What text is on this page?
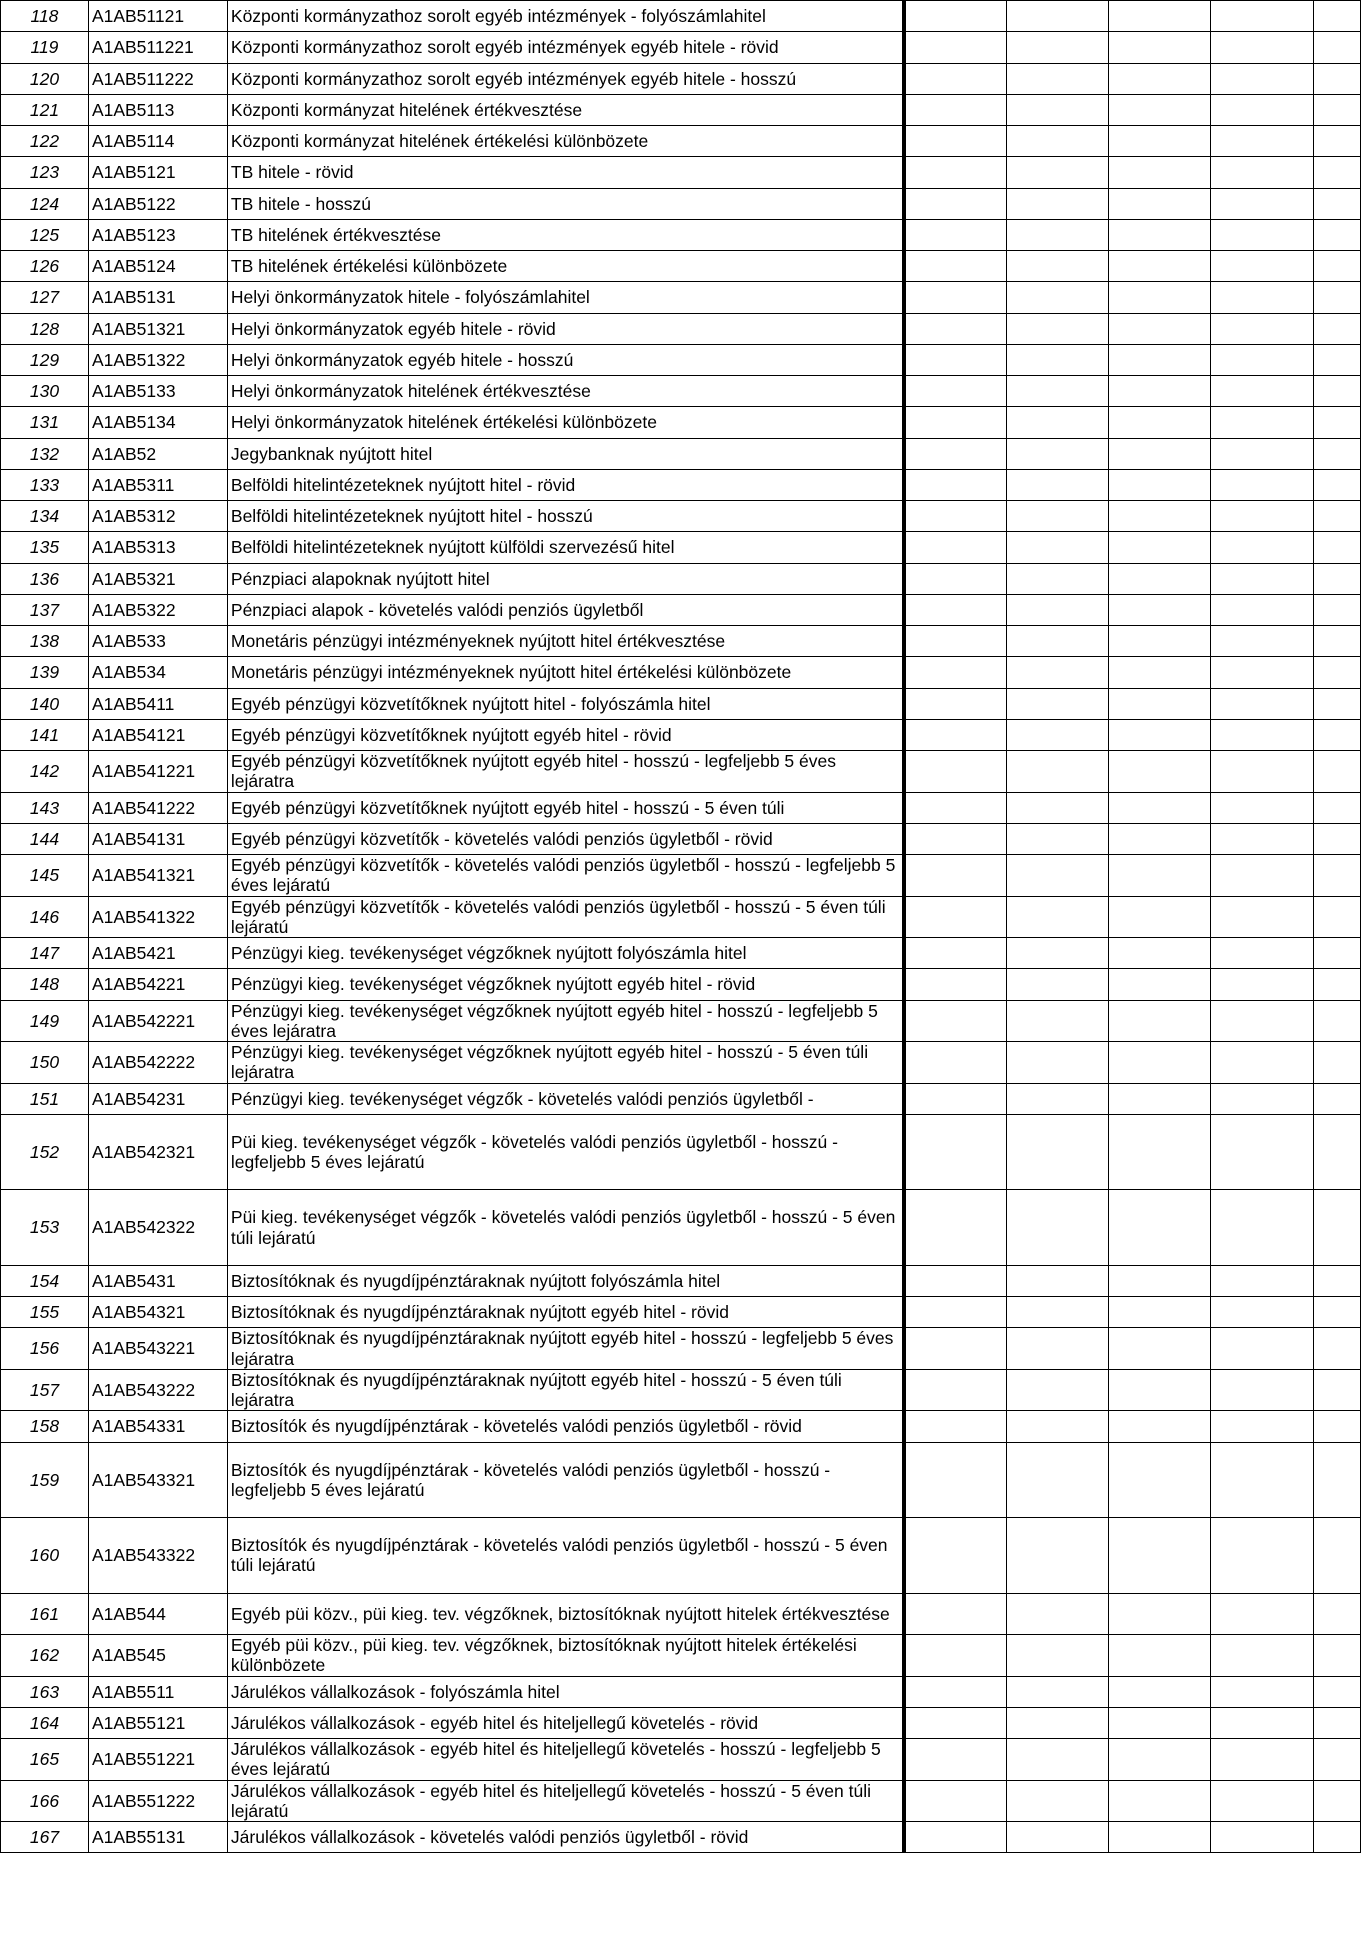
118	A1AB51121	Központi kormányzathoz sorolt egyéb intézmények - folyószámlahitel					
119	A1AB511221	Központi kormányzathoz sorolt egyéb intézmények egyéb hitele - rövid					
120	A1AB511222	Központi kormányzathoz sorolt egyéb intézmények egyéb hitele - hosszú					
121	A1AB5113	Központi kormányzat hitelének értékvesztése					
122	A1AB5114	Központi kormányzat hitelének értékelési különbözete					
123	A1AB5121	TB hitele - rövid					
124	A1AB5122	TB hitele - hosszú					
125	A1AB5123	TB hitelének értékvesztése					
126	A1AB5124	TB hitelének értékelési különbözete					
127	A1AB5131	Helyi önkormányzatok hitele - folyószámlahitel					
128	A1AB51321	Helyi önkormányzatok egyéb hitele - rövid					
129	A1AB51322	Helyi önkormányzatok egyéb hitele - hosszú					
130	A1AB5133	Helyi önkormányzatok hitelének értékvesztése					
131	A1AB5134	Helyi önkormányzatok hitelének értékelési különbözete					
132	A1AB52	Jegybanknak nyújtott hitel					
133	A1AB5311	Belföldi hitelintézeteknek nyújtott hitel - rövid					
134	A1AB5312	Belföldi hitelintézeteknek nyújtott hitel - hosszú					
135	A1AB5313	Belföldi hitelintézeteknek nyújtott külföldi szervezésű hitel					
136	A1AB5321	Pénzpiaci alapoknak nyújtott hitel					
137	A1AB5322	Pénzpiaci alapok - követelés valódi penziós ügyletből					
138	A1AB533	Monetáris pénzügyi intézményeknek nyújtott hitel értékvesztése					
139	A1AB534	Monetáris pénzügyi intézményeknek nyújtott hitel értékelési különbözete					
140	A1AB5411	Egyéb pénzügyi közvetítőknek nyújtott hitel - folyószámla hitel					
141	A1AB54121	Egyéb pénzügyi közvetítőknek nyújtott egyéb hitel - rövid					
142	A1AB541221	Egyéb pénzügyi közvetítőknek nyújtott egyéb hitel - hosszú - legfeljebb 5 éves lejáratra					
143	A1AB541222	Egyéb pénzügyi közvetítőknek nyújtott egyéb hitel - hosszú - 5 éven túli					
144	A1AB54131	Egyéb pénzügyi közvetítők - követelés valódi penziós ügyletből - rövid					
145	A1AB541321	Egyéb pénzügyi közvetítők - követelés valódi penziós ügyletből - hosszú - legfeljebb 5 éves lejáratú					
146	A1AB541322	Egyéb pénzügyi közvetítők - követelés valódi penziós ügyletből - hosszú - 5 éven túli lejáratú					
147	A1AB5421	Pénzügyi kieg. tevékenységet végzőknek nyújtott folyószámla hitel					
148	A1AB54221	Pénzügyi kieg. tevékenységet végzőknek nyújtott egyéb hitel - rövid					
149	A1AB542221	Pénzügyi kieg. tevékenységet végzőknek nyújtott egyéb hitel - hosszú - legfeljebb 5 éves lejáratra					
150	A1AB542222	Pénzügyi kieg. tevékenységet végzőknek nyújtott egyéb hitel - hosszú - 5 éven túli lejáratra					
151	A1AB54231	Pénzügyi kieg. tevékenységet végzők - követelés valódi penziós ügyletből -					
152	A1AB542321	Püi kieg. tevékenységet végzők - követelés valódi penziós ügyletből - hosszú - legfeljebb 5 éves lejáratú					
153	A1AB542322	Püi kieg. tevékenységet végzők - követelés valódi penziós ügyletből - hosszú - 5 éven túli lejáratú					
154	A1AB5431	Biztosítóknak és nyugdíjpénztáraknak nyújtott folyószámla hitel					
155	A1AB54321	Biztosítóknak és nyugdíjpénztáraknak nyújtott egyéb hitel - rövid					
156	A1AB543221	Biztosítóknak és nyugdíjpénztáraknak nyújtott egyéb hitel - hosszú - legfeljebb 5 éves lejáratra					
157	A1AB543222	Biztosítóknak és nyugdíjpénztáraknak nyújtott egyéb hitel - hosszú - 5 éven túli lejáratra					
158	A1AB54331	Biztosítók és nyugdíjpénztárak - követelés valódi penziós ügyletből - rövid					
159	A1AB543321	Biztosítók és nyugdíjpénztárak - követelés valódi penziós ügyletből - hosszú - legfeljebb 5 éves lejáratú					
160	A1AB543322	Biztosítók és nyugdíjpénztárak - követelés valódi penziós ügyletből - hosszú - 5 éven túli lejáratú					
161	A1AB544	Egyéb püi közv., püi kieg. tev. végzőknek, biztosítóknak nyújtott hitelek értékvesztése					
162	A1AB545	Egyéb püi közv., püi kieg. tev. végzőknek, biztosítóknak nyújtott hitelek értékelési különbözete					
163	A1AB5511	Járulékos vállalkozások - folyószámla hitel					
164	A1AB55121	Járulékos vállalkozások - egyéb hitel és hiteljellegű követelés - rövid					
165	A1AB551221	Járulékos vállalkozások - egyéb hitel és hiteljellegű követelés - hosszú - legfeljebb 5 éves lejáratú					
166	A1AB551222	Járulékos vállalkozások - egyéb hitel és hiteljellegű követelés - hosszú - 5 éven túli lejáratú					
167	A1AB55131	Járulékos vállalkozások - követelés valódi penziós ügyletből - rövid					
